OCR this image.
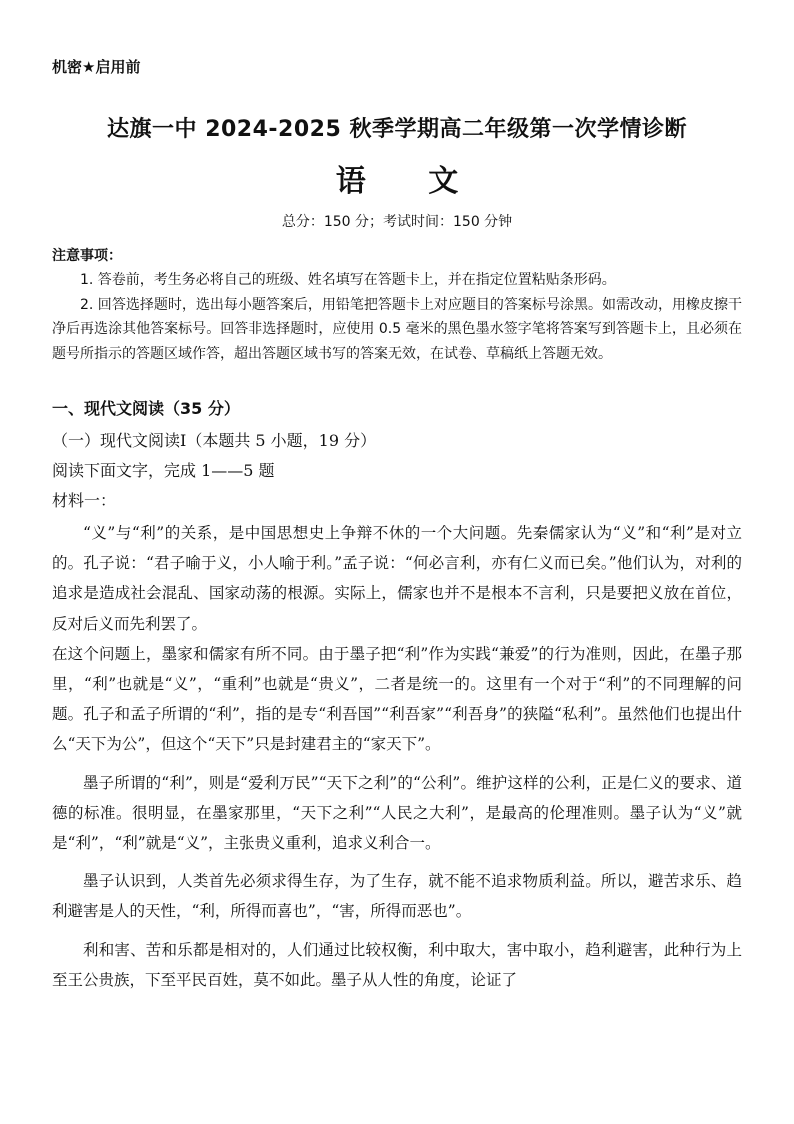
机密★启用前
达旗一中 2024-2025 秋季学期高二年级第一次学情诊断
语 文
总分：150 分；考试时间：150 分钟
注意事项：

1. 答卷前，考生务必将自己的班级、姓名填写在答题卡上，并在指定位置粘贴条形码。

2. 回答选择题时，选出每小题答案后，用铅笔把答题卡上对应题目的答案标号涂黑。如需改动，用橡皮擦干净后再选涂其他答案标号。回答非选择题时，应使用 0.5 毫米的黑色墨水签字笔将答案写到答题卡上，且必须在题号所指示的答题区域作答，超出答题区域书写的答案无效，在试卷、草稿纸上答题无效。

一、现代文阅读（35 分）
（一）现代文阅读Ⅰ（本题共 5 小题，19 分）
阅读下面文字，完成 1——5 题
材料一：

“义”与“利”的关系，是中国思想史上争辩不休的一个大问题。先秦儒家认为“义”和“利”是对立的。孔子说：“君子喻于义，小人喻于利。”孟子说：“何必言利，亦有仁义而已矣。”他们认为，对利的追求是造成社会混乱、国家动荡的根源。实际上，儒家也并不是根本不言利，只是要把义放在首位，反对后义而先利罢了。

在这个问题上，墨家和儒家有所不同。由于墨子把“利”作为实践“兼爱”的行为准则，因此，在墨子那里，“利”也就是“义”，“重利”也就是“贵义”，二者是统一的。这里有一个对于“利”的不同理解的问题。孔子和孟子所谓的“利”，指的是专“利吾国”“利吾家”“利吾身”的狭隘“私利”。虽然他们也提出什么“天下为公”，但这个“天下”只是封建君主的“家天下”。

墨子所谓的“利”，则是“爱利万民”“天下之利”的“公利”。维护这样的公利，正是仁义的要求、道德的标准。很明显，在墨家那里，“天下之利”“人民之大利”，是最高的伦理准则。墨子认为“义”就是“利”，“利”就是“义”，主张贵义重利，追求义利合一。

墨子认识到，人类首先必须求得生存，为了生存，就不能不追求物质利益。所以，避苦求乐、趋利避害是人的天性，“利，所得而喜也”，“害，所得而恶也”。

利和害、苦和乐都是相对的，人们通过比较权衡，利中取大，害中取小，趋利避害，此种行为上至王公贵族，下至平民百姓，莫不如此。墨子从人性的角度，论证了
